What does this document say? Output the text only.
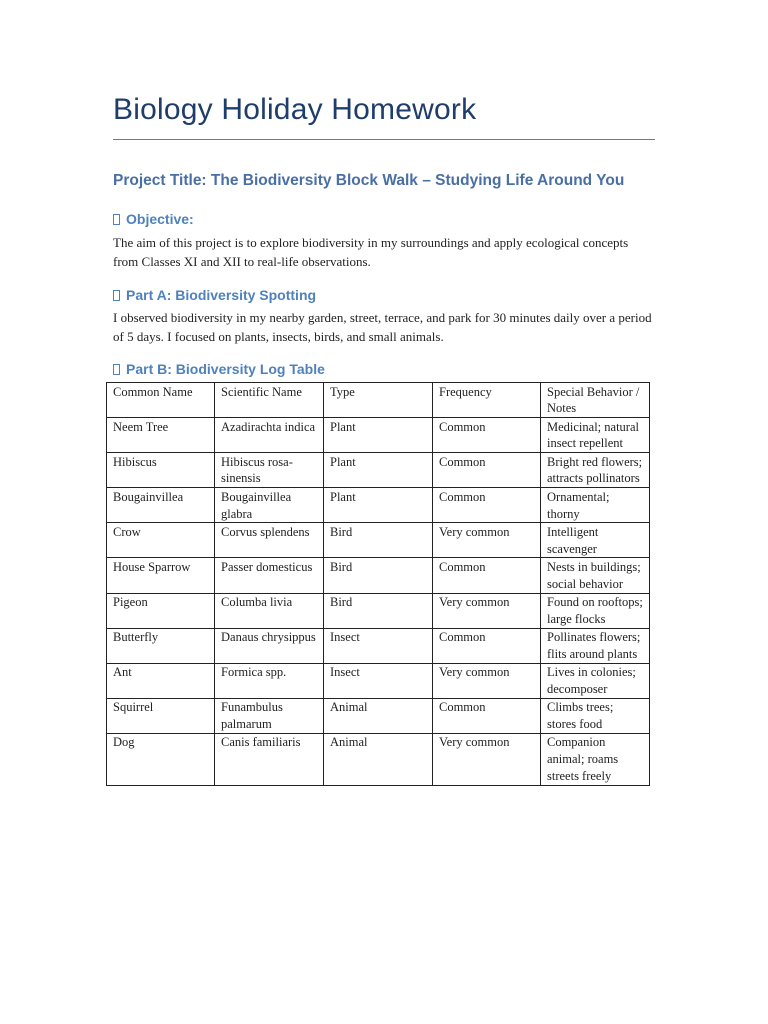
Biology Holiday Homework
Project Title: The Biodiversity Block Walk – Studying Life Around You
Objective:

The aim of this project is to explore biodiversity in my surroundings and apply ecological concepts from Classes XI and XII to real-life observations.

Part A: Biodiversity Spotting

I observed biodiversity in my nearby garden, street, terrace, and park for 30 minutes daily over a period of 5 days. I focused on plants, insects, birds, and small animals.

Part B: Biodiversity Log Table
Common Name	Scientific Name	Type	Frequency	Special Behavior / Notes
Neem Tree	Azadirachta indica	Plant	Common	Medicinal; natural insect repellent
Hibiscus	Hibiscus rosa-sinensis	Plant	Common	Bright red flowers; attracts pollinators
Bougainvillea	Bougainvillea glabra	Plant	Common	Ornamental; thorny
Crow	Corvus splendens	Bird	Very common	Intelligent scavenger
House Sparrow	Passer domesticus	Bird	Common	Nests in buildings; social behavior
Pigeon	Columba livia	Bird	Very common	Found on rooftops; large flocks
Butterfly	Danaus chrysippus	Insect	Common	Pollinates flowers; flits around plants
Ant	Formica spp.	Insect	Very common	Lives in colonies; decomposer
Squirrel	Funambulus palmarum	Animal	Common	Climbs trees; stores food
Dog	Canis familiaris	Animal	Very common	Companion animal; roams streets freely
